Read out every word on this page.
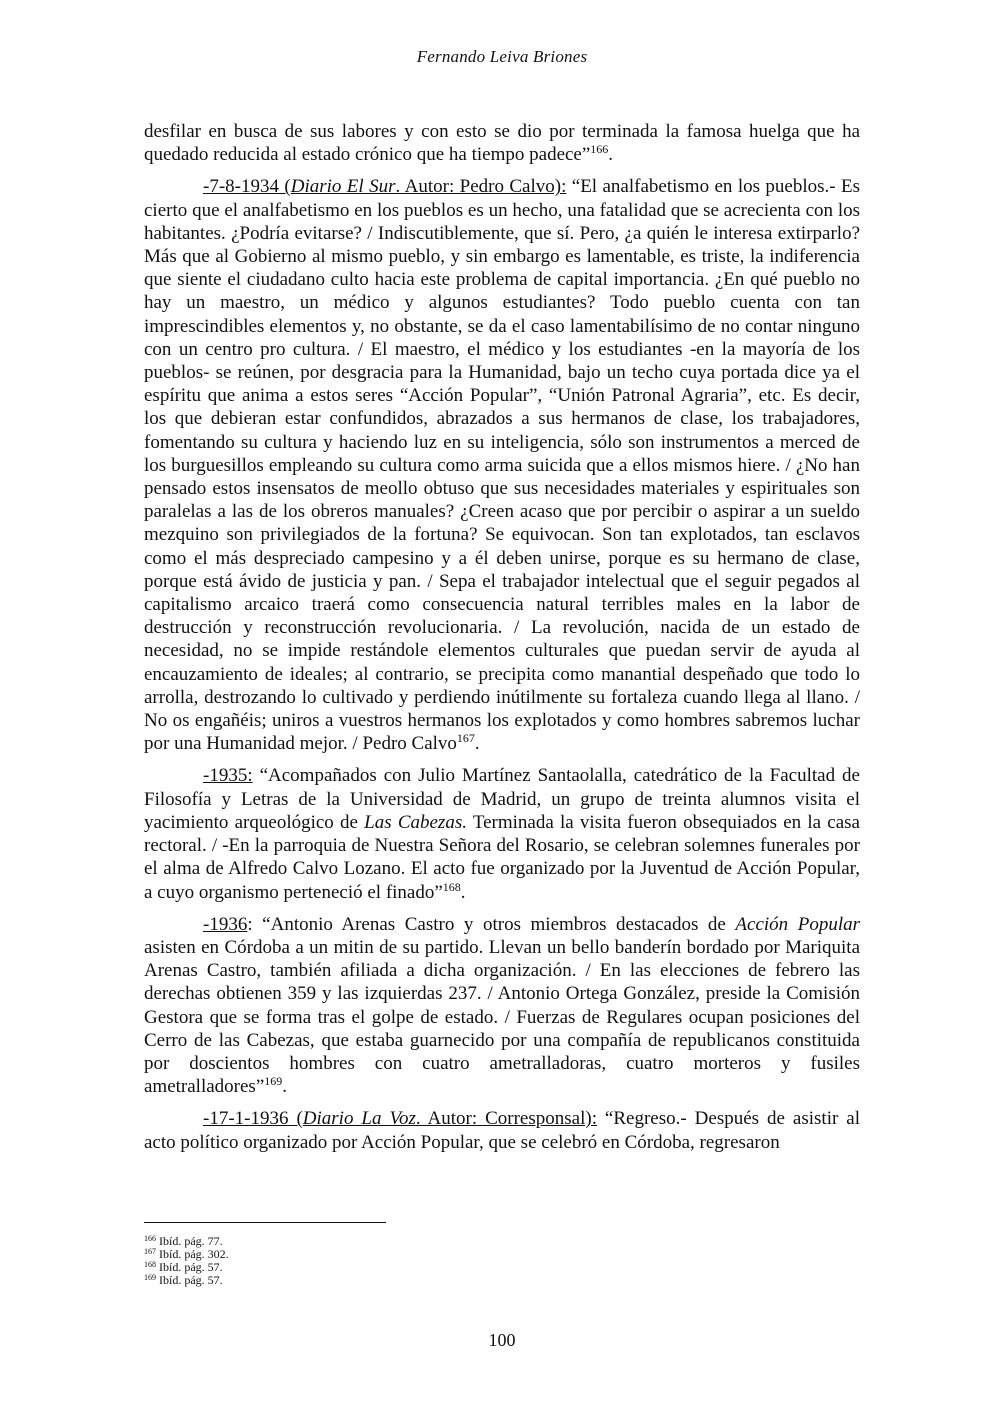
Fernando Leiva Briones

desfilar en busca de sus labores y con esto se dio por terminada la famosa huelga que ha quedado reducida al estado crónico que ha tiempo padece”$^{166}$.

-7-8-1934 (Diario El Sur. Autor: Pedro Calvo): “El analfabetismo en los pueblos.- Es cierto que el analfabetismo en los pueblos es un hecho, una fatalidad que se acrecienta con los habitantes. ¿Podría evitarse? / Indiscutiblemente, que sí. Pero, ¿a quién le interesa extirparlo? Más que al Gobierno al mismo pueblo, y sin embargo es lamentable, es triste, la indiferencia que siente el ciudadano culto hacia este problema de capital importancia. ¿En qué pueblo no hay un maestro, un médico y algunos estudiantes? Todo pueblo cuenta con tan imprescindibles elementos y, no obstante, se da el caso lamentabilísimo de no contar ninguno con un centro pro cultura. / El maestro, el médico y los estudiantes -en la mayoría de los pueblos- se reúnen, por desgracia para la Humanidad, bajo un techo cuya portada dice ya el espíritu que anima a estos seres “Acción Popular”, “Unión Patronal Agraria”, etc. Es decir, los que debieran estar confundidos, abrazados a sus hermanos de clase, los trabajadores, fomentando su cultura y haciendo luz en su inteligencia, sólo son instrumentos a merced de los burguesillos empleando su cultura como arma suicida que a ellos mismos hiere. / ¿No han pensado estos insensatos de meollo obtuso que sus necesidades materiales y espirituales son paralelas a las de los obreros manuales? ¿Creen acaso que por percibir o aspirar a un sueldo mezquino son privilegiados de la fortuna? Se equivocan. Son tan explotados, tan esclavos como el más despreciado campesino y a él deben unirse, porque es su hermano de clase, porque está ávido de justicia y pan. / Sepa el trabajador intelectual que el seguir pegados al capitalismo arcaico traerá como consecuencia natural terribles males en la labor de destrucción y reconstrucción revolucionaria. / La revolución, nacida de un estado de necesidad, no se impide restándole elementos culturales que puedan servir de ayuda al encauzamiento de ideales; al contrario, se precipita como manantial despeñado que todo lo arrolla, destrozando lo cultivado y perdiendo inútilmente su fortaleza cuando llega al llano. / No os engañéis; uniros a vuestros hermanos los explotados y como hombres sabremos luchar por una Humanidad mejor. / Pedro Calvo$^{167}$.

-1935: “Acompañados con Julio Martínez Santaolalla, catedrático de la Facultad de Filosofía y Letras de la Universidad de Madrid, un grupo de treinta alumnos visita el yacimiento arqueológico de Las Cabezas. Terminada la visita fueron obsequiados en la casa rectoral. / -En la parroquia de Nuestra Señora del Rosario, se celebran solemnes funerales por el alma de Alfredo Calvo Lozano. El acto fue organizado por la Juventud de Acción Popular, a cuyo organismo perteneció el finado”$^{168}$.

-1936: “Antonio Arenas Castro y otros miembros destacados de Acción Popular asisten en Córdoba a un mitin de su partido. Llevan un bello banderín bordado por Mariquita Arenas Castro, también afiliada a dicha organización. / En las elecciones de febrero las derechas obtienen 359 y las izquierdas 237. / Antonio Ortega González, preside la Comisión Gestora que se forma tras el golpe de estado. / Fuerzas de Regulares ocupan posiciones del Cerro de las Cabezas, que estaba guarnecido por una compañía de republicanos constituida por doscientos hombres con cuatro ametralladoras, cuatro morteros y fusiles ametralladores”$^{169}$.

-17-1-1936 (Diario La Voz. Autor: Corresponsal): “Regreso.- Después de asistir al acto político organizado por Acción Popular, que se celebró en Córdoba, regresaron

$^{166}$ Ibíd. pág. 77.
$^{167}$ Ibíd. pág. 302.
$^{168}$ Ibíd. pág. 57.
$^{169}$ Ibíd. pág. 57.
100
